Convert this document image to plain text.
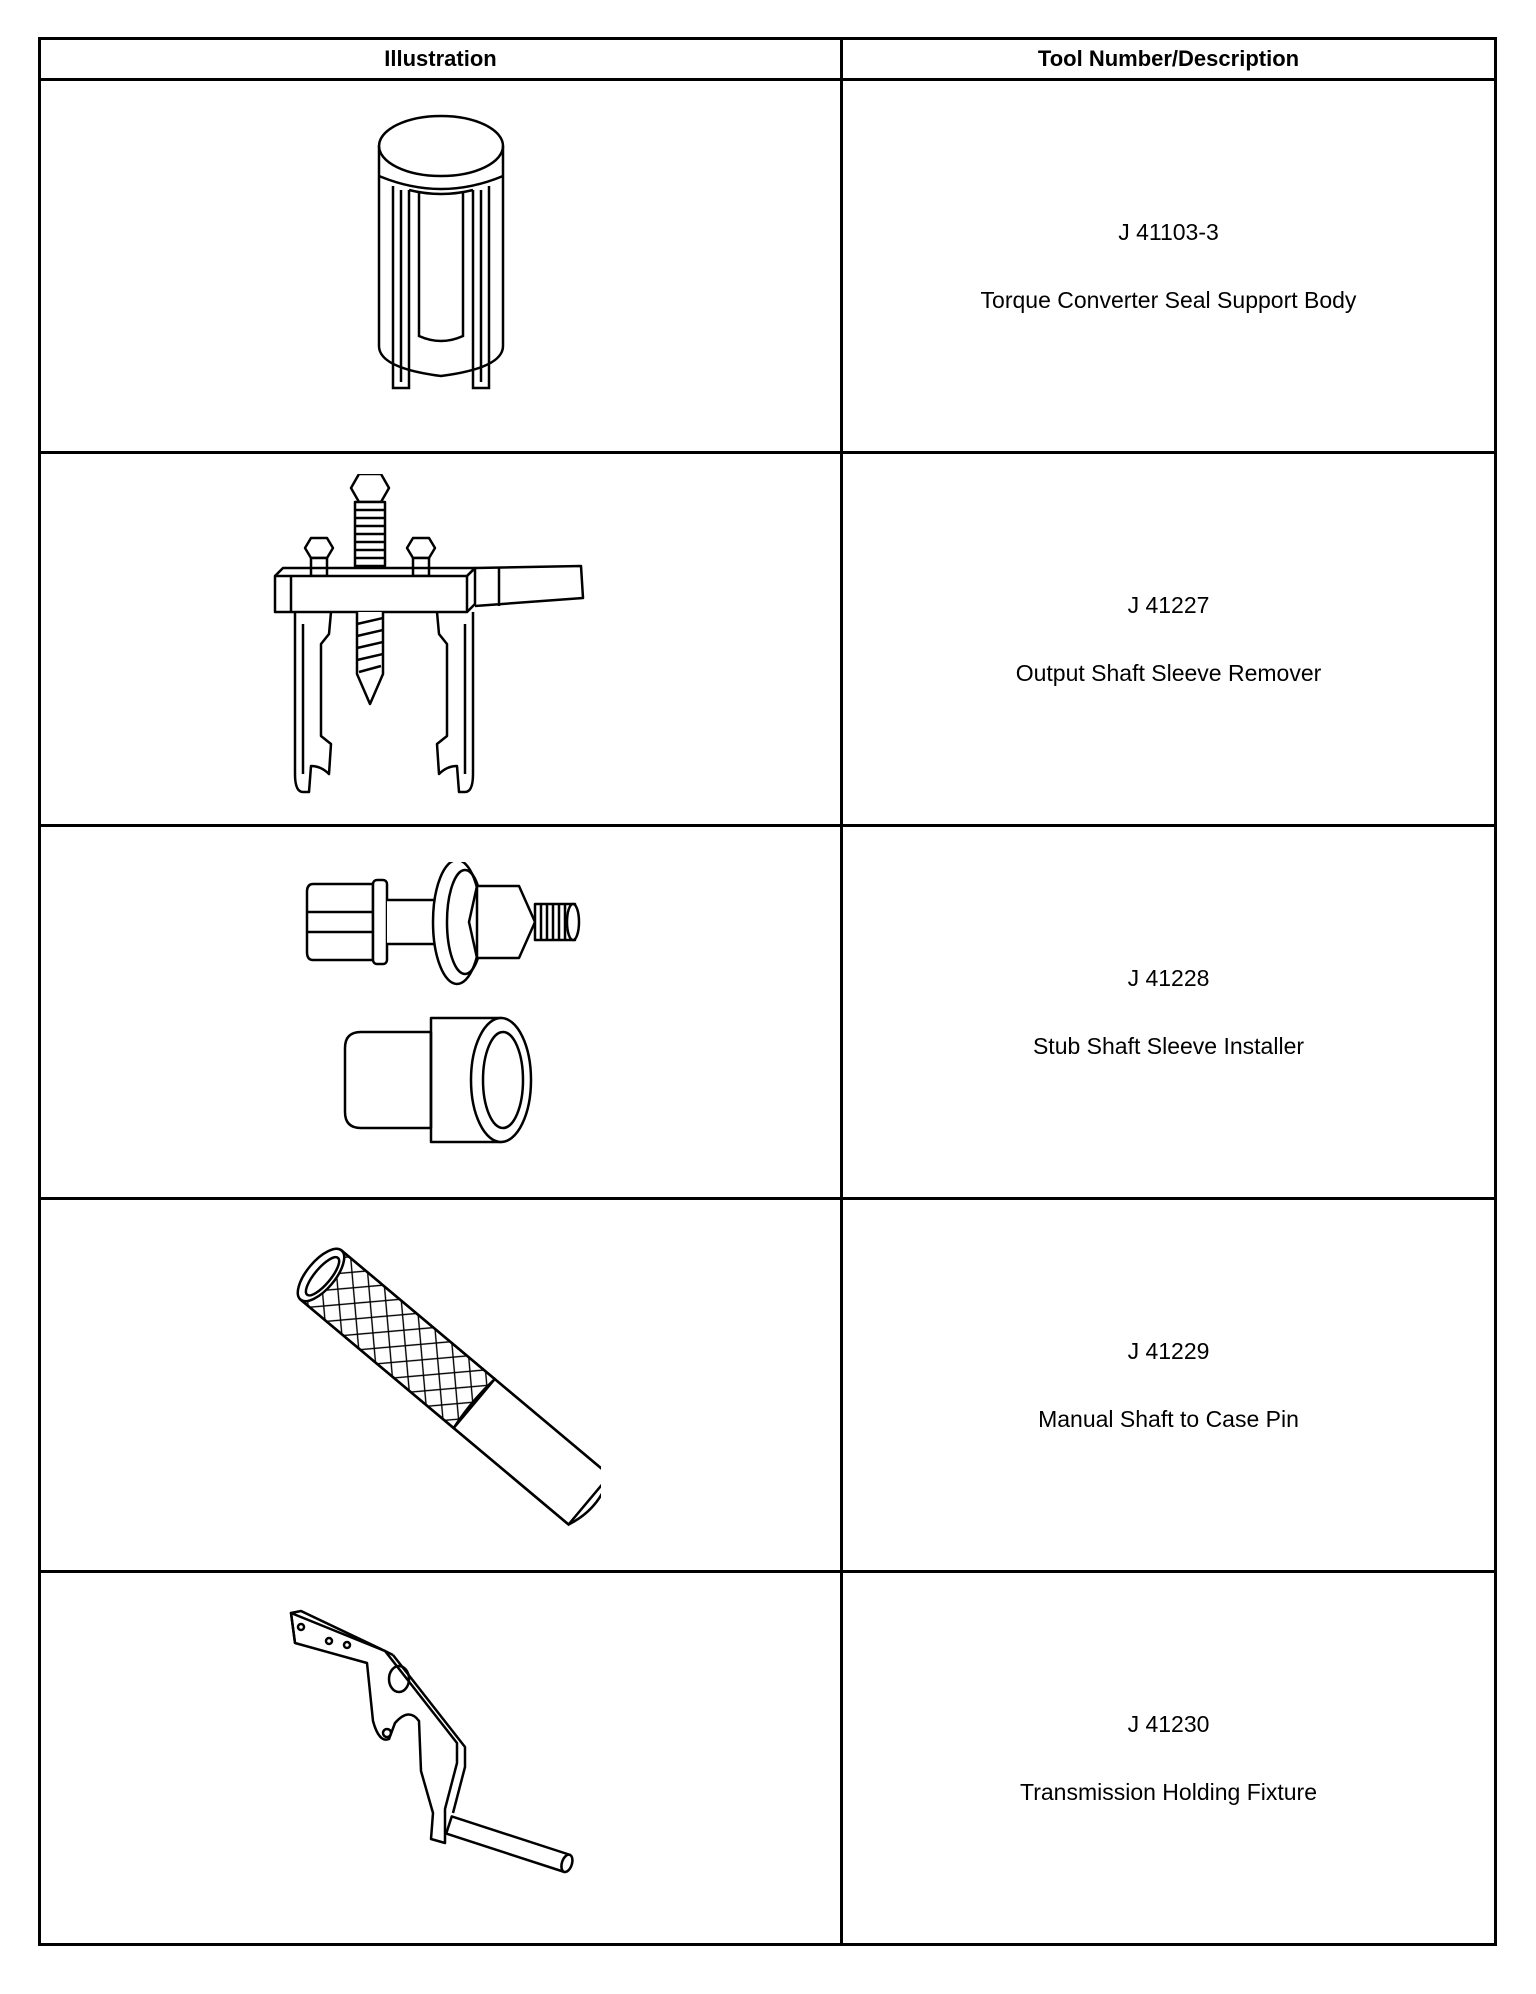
Illustration	Tool Number/Description

J 41103-3
Torque Converter Seal Support Body

J 41227
Output Shaft Sleeve Remover

J 41228
Stub Shaft Sleeve Installer

J 41229
Manual Shaft to Case Pin

J 41230
Transmission Holding Fixture
